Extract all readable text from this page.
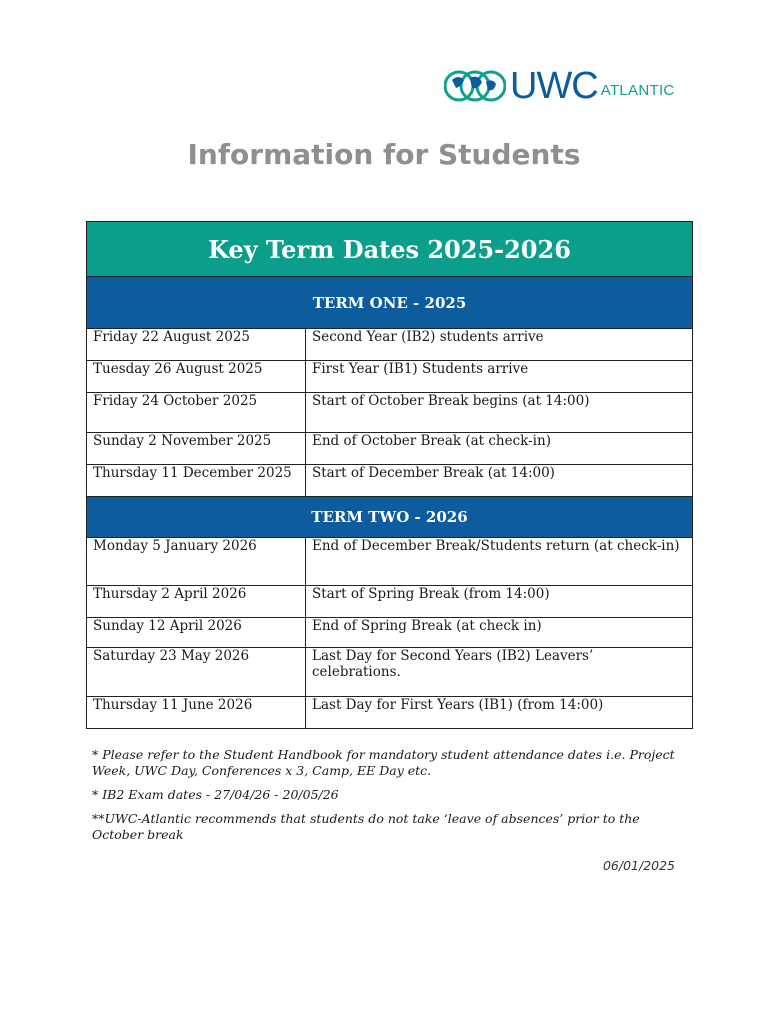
UWC ATLANTIC
Information for Students
Key Term Dates 2025-2026	
TERM ONE - 2025	
Friday 22 August 2025	Second Year (IB2) students arrive
Tuesday 26 August 2025	First Year (IB1) Students arrive
Friday 24 October 2025	Start of October Break begins (at 14:00)
Sunday 2 November 2025	End of October Break (at check-in)
Thursday 11 December 2025	Start of December Break (at 14:00)
TERM TWO - 2026	
Monday 5 January 2026	End of December Break/Students return (at check-in)
Thursday 2 April 2026	Start of Spring Break (from 14:00)
Sunday 12 April 2026	End of Spring Break (at check in)
Saturday 23 May 2026	Last Day for Second Years (IB2) Leavers’ celebrations.
Thursday 11 June 2026	Last Day for First Years (IB1) (from 14:00)

* Please refer to the Student Handbook for mandatory student attendance dates i.e. Project Week, UWC Day, Conferences x 3, Camp, EE Day etc.

* IB2 Exam dates - 27/04/26 - 20/05/26

**UWC-Atlantic recommends that students do not take ‘leave of absences’ prior to the October break

06/01/2025
